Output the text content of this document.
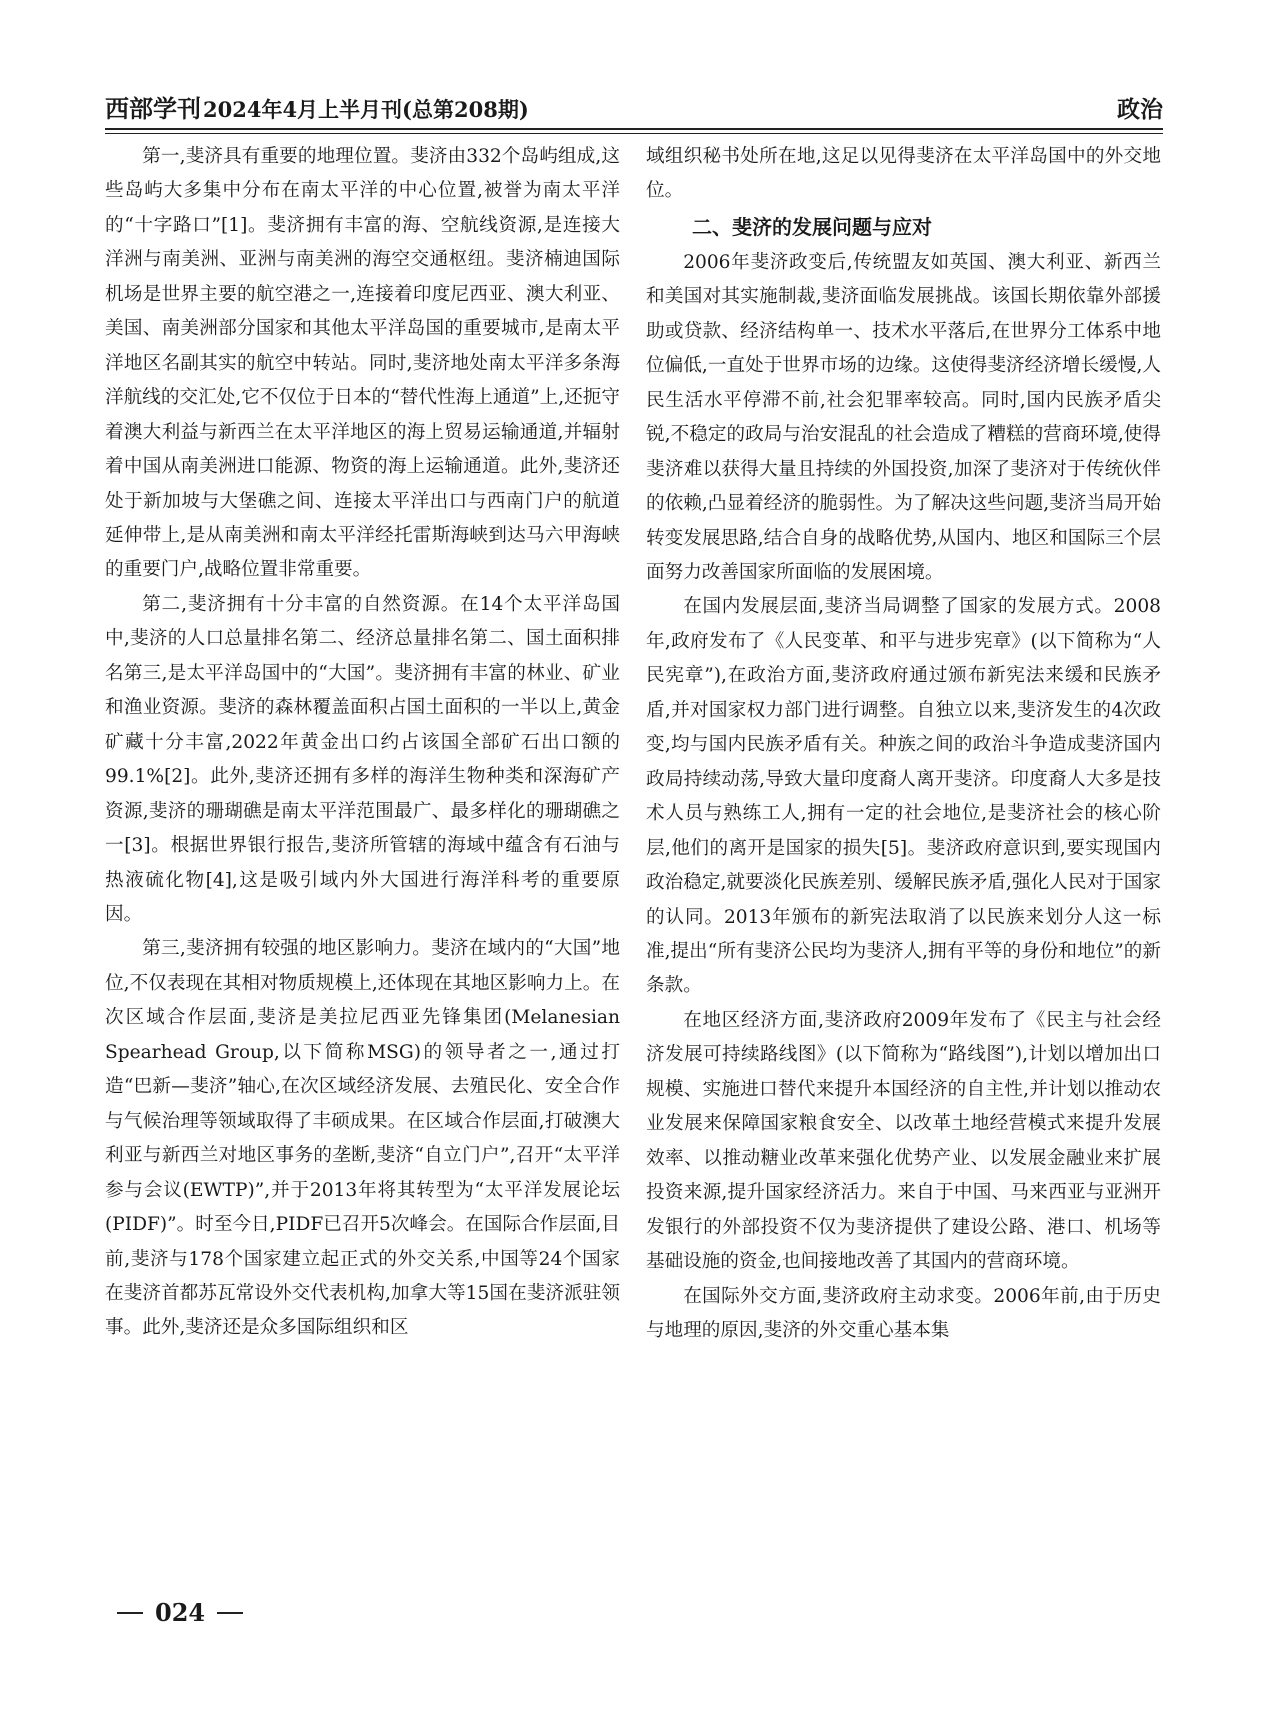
西部学刊 2024年4月上半月刊(总第208期)	政治

第一,斐济具有重要的地理位置。斐济由332个岛屿组成,这些岛屿大多集中分布在南太平洋的中心位置,被誉为南太平洋的“十字路口”[1]。斐济拥有丰富的海、空航线资源,是连接大洋洲与南美洲、亚洲与南美洲的海空交通枢纽。斐济楠迪国际机场是世界主要的航空港之一,连接着印度尼西亚、澳大利亚、美国、南美洲部分国家和其他太平洋岛国的重要城市,是南太平洋地区名副其实的航空中转站。同时,斐济地处南太平洋多条海洋航线的交汇处,它不仅位于日本的“替代性海上通道”上,还扼守着澳大利益与新西兰在太平洋地区的海上贸易运输通道,并辐射着中国从南美洲进口能源、物资的海上运输通道。此外,斐济还处于新加坡与大堡礁之间、连接太平洋出口与西南门户的航道延伸带上,是从南美洲和南太平洋经托雷斯海峡到达马六甲海峡的重要门户,战略位置非常重要。

第二,斐济拥有十分丰富的自然资源。在14个太平洋岛国中,斐济的人口总量排名第二、经济总量排名第二、国土面积排名第三,是太平洋岛国中的“大国”。斐济拥有丰富的林业、矿业和渔业资源。斐济的森林覆盖面积占国土面积的一半以上,黄金矿藏十分丰富,2022年黄金出口约占该国全部矿石出口额的99.1%[2]。此外,斐济还拥有多样的海洋生物种类和深海矿产资源,斐济的珊瑚礁是南太平洋范围最广、最多样化的珊瑚礁之一[3]。根据世界银行报告,斐济所管辖的海域中蕴含有石油与热液硫化物[4],这是吸引域内外大国进行海洋科考的重要原因。

第三,斐济拥有较强的地区影响力。斐济在域内的“大国”地位,不仅表现在其相对物质规模上,还体现在其地区影响力上。在次区域合作层面,斐济是美拉尼西亚先锋集团(Melanesian Spearhead Group,以下简称MSG)的领导者之一,通过打造“巴新—斐济”轴心,在次区域经济发展、去殖民化、安全合作与气候治理等领域取得了丰硕成果。在区域合作层面,打破澳大利亚与新西兰对地区事务的垄断,斐济“自立门户”,召开“太平洋参与会议(EWTP)”,并于2013年将其转型为“太平洋发展论坛(PIDF)”。时至今日,PIDF已召开5次峰会。在国际合作层面,目前,斐济与178个国家建立起正式的外交关系,中国等24个国家在斐济首都苏瓦常设外交代表机构,加拿大等15国在斐济派驻领事。此外,斐济还是众多国际组织和区

域组织秘书处所在地,这足以见得斐济在太平洋岛国中的外交地位。

二、斐济的发展问题与应对

2006年斐济政变后,传统盟友如英国、澳大利亚、新西兰和美国对其实施制裁,斐济面临发展挑战。该国长期依靠外部援助或贷款、经济结构单一、技术水平落后,在世界分工体系中地位偏低,一直处于世界市场的边缘。这使得斐济经济增长缓慢,人民生活水平停滞不前,社会犯罪率较高。同时,国内民族矛盾尖锐,不稳定的政局与治安混乱的社会造成了糟糕的营商环境,使得斐济难以获得大量且持续的外国投资,加深了斐济对于传统伙伴的依赖,凸显着经济的脆弱性。为了解决这些问题,斐济当局开始转变发展思路,结合自身的战略优势,从国内、地区和国际三个层面努力改善国家所面临的发展困境。

在国内发展层面,斐济当局调整了国家的发展方式。2008年,政府发布了《人民变革、和平与进步宪章》(以下简称为“人民宪章”),在政治方面,斐济政府通过颁布新宪法来缓和民族矛盾,并对国家权力部门进行调整。自独立以来,斐济发生的4次政变,均与国内民族矛盾有关。种族之间的政治斗争造成斐济国内政局持续动荡,导致大量印度裔人离开斐济。印度裔人大多是技术人员与熟练工人,拥有一定的社会地位,是斐济社会的核心阶层,他们的离开是国家的损失[5]。斐济政府意识到,要实现国内政治稳定,就要淡化民族差别、缓解民族矛盾,强化人民对于国家的认同。2013年颁布的新宪法取消了以民族来划分人这一标准,提出“所有斐济公民均为斐济人,拥有平等的身份和地位”的新条款。

在地区经济方面,斐济政府2009年发布了《民主与社会经济发展可持续路线图》(以下简称为“路线图”),计划以增加出口规模、实施进口替代来提升本国经济的自主性,并计划以推动农业发展来保障国家粮食安全、以改革土地经营模式来提升发展效率、以推动糖业改革来强化优势产业、以发展金融业来扩展投资来源,提升国家经济活力。来自于中国、马来西亚与亚洲开发银行的外部投资不仅为斐济提供了建设公路、港口、机场等基础设施的资金,也间接地改善了其国内的营商环境。

在国际外交方面,斐济政府主动求变。2006年前,由于历史与地理的原因,斐济的外交重心基本集

024
